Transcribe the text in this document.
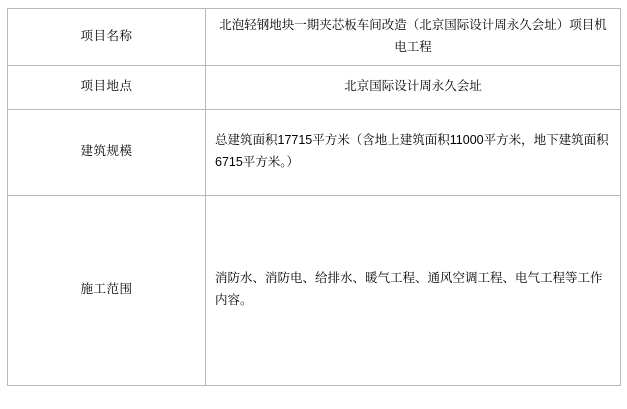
项目名称	北泡轻钢地块一期夹芯板车间改造（北京国际设计周永久会址）项目机电工程
项目地点	北京国际设计周永久会址
建筑规模	总建筑面积17715平方米（含地上建筑面积11000平方米，地下建筑面积6715平方米。）
施工范围	消防水、消防电、给排水、暖气工程、通风空调工程、电气工程等工作内容。
